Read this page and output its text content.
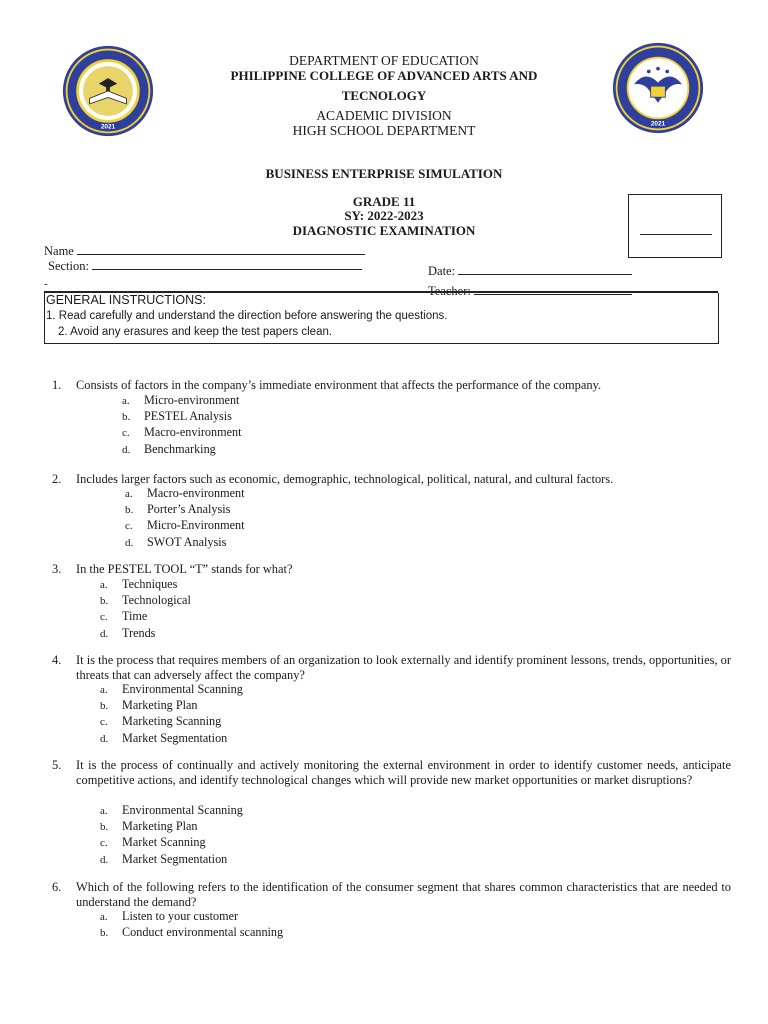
2021	2021
DEPARTMENT OF EDUCATION
PHILIPPINE COLLEGE OF ADVANCED ARTS AND
TECNOLOGY
ACADEMIC DIVISION
HIGH SCHOOL DEPARTMENT
BUSINESS ENTERPRISE SIMULATION
GRADE 11
SY: 2022-2023
DIAGNOSTIC EXAMINATION
Name
Section:	Date:
-	Teacher:
GENERAL INSTRUCTIONS:
1. Read carefully and understand the direction before answering the questions.
2. Avoid any erasures and keep the test papers clean.
1. Consists of factors in the company’s immediate environment that affects the performance of the company.
a. Micro-environment
b. PESTEL Analysis
c. Macro-environment
d. Benchmarking
2. Includes larger factors such as economic, demographic, technological, political, natural, and cultural factors.
a. Macro-environment
b. Porter’s Analysis
c. Micro-Environment
d. SWOT Analysis
3. In the PESTEL TOOL “T” stands for what?
a. Techniques
b. Technological
c. Time
d. Trends
4. It is the process that requires members of an organization to look externally and identify prominent lessons, trends, opportunities, or threats that can adversely affect the company?
a. Environmental Scanning
b. Marketing Plan
c. Marketing Scanning
d. Market Segmentation
5. It is the process of continually and actively monitoring the external environment in order to identify customer needs, anticipate competitive actions, and identify technological changes which will provide new market opportunities or market disruptions?
a. Environmental Scanning
b. Marketing Plan
c. Market Scanning
d. Market Segmentation
6. Which of the following refers to the identification of the consumer segment that shares common characteristics that are needed to understand the demand?
a. Listen to your customer
b. Conduct environmental scanning
